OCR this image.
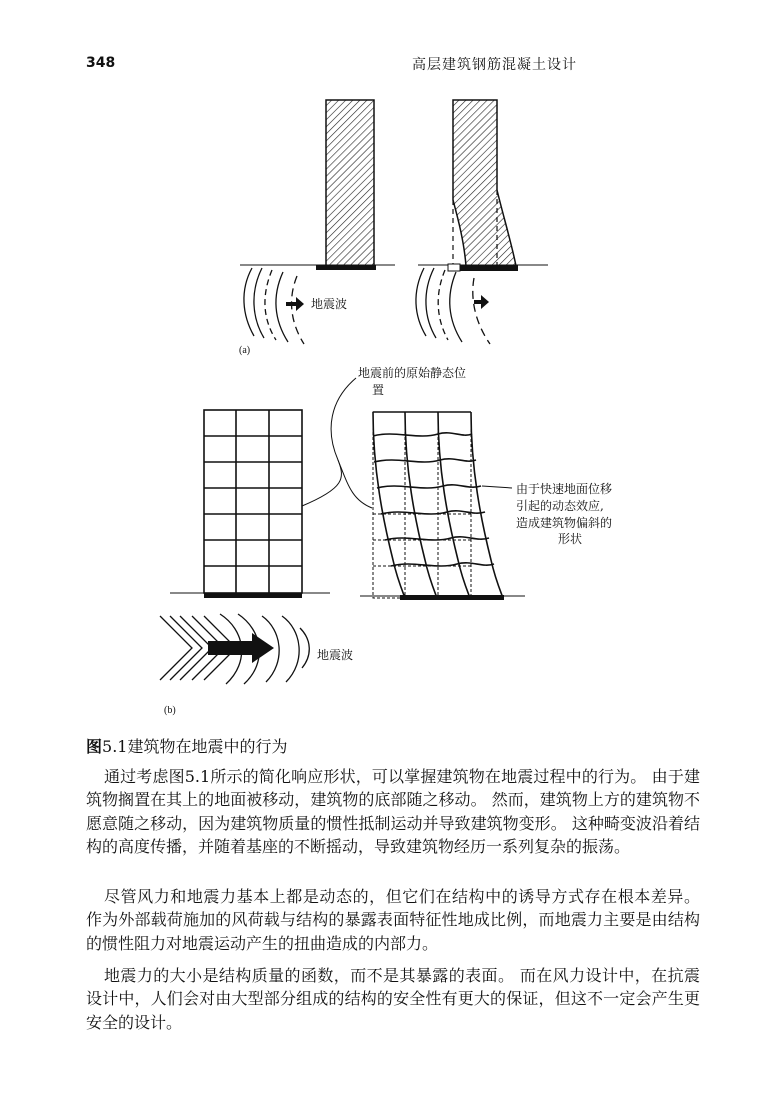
348	高层建筑钢筋混凝土设计
地震波
(a)
地震前的原始静态位
置
由于快速地面位移
引起的动态效应,
造成建筑物偏斜的
形状
地震波
(b)
图5.1建筑物在地震中的行为

通过考虑图5.1所示的简化响应形状，可以掌握建筑物在地震过程中的行为。 由于建筑物搁置在其上的地面被移动，建筑物的底部随之移动。 然而，建筑物上方的建筑物不愿意随之移动，因为建筑物质量的惯性抵制运动并导致建筑物变形。 这种畸变波沿着结构的高度传播，并随着基座的不断摇动，导致建筑物经历一系列复杂的振荡。

尽管风力和地震力基本上都是动态的，但它们在结构中的诱导方式存在根本差异。 作为外部载荷施加的风荷载与结构的暴露表面特征性地成比例，而地震力主要是由结构的惯性阻力对地震运动产生的扭曲造成的内部力。

地震力的大小是结构质量的函数，而不是其暴露的表面。 而在风力设计中，在抗震设计中，人们会对由大型部分组成的结构的安全性有更大的保证，但这不一定会产生更安全的设计。
